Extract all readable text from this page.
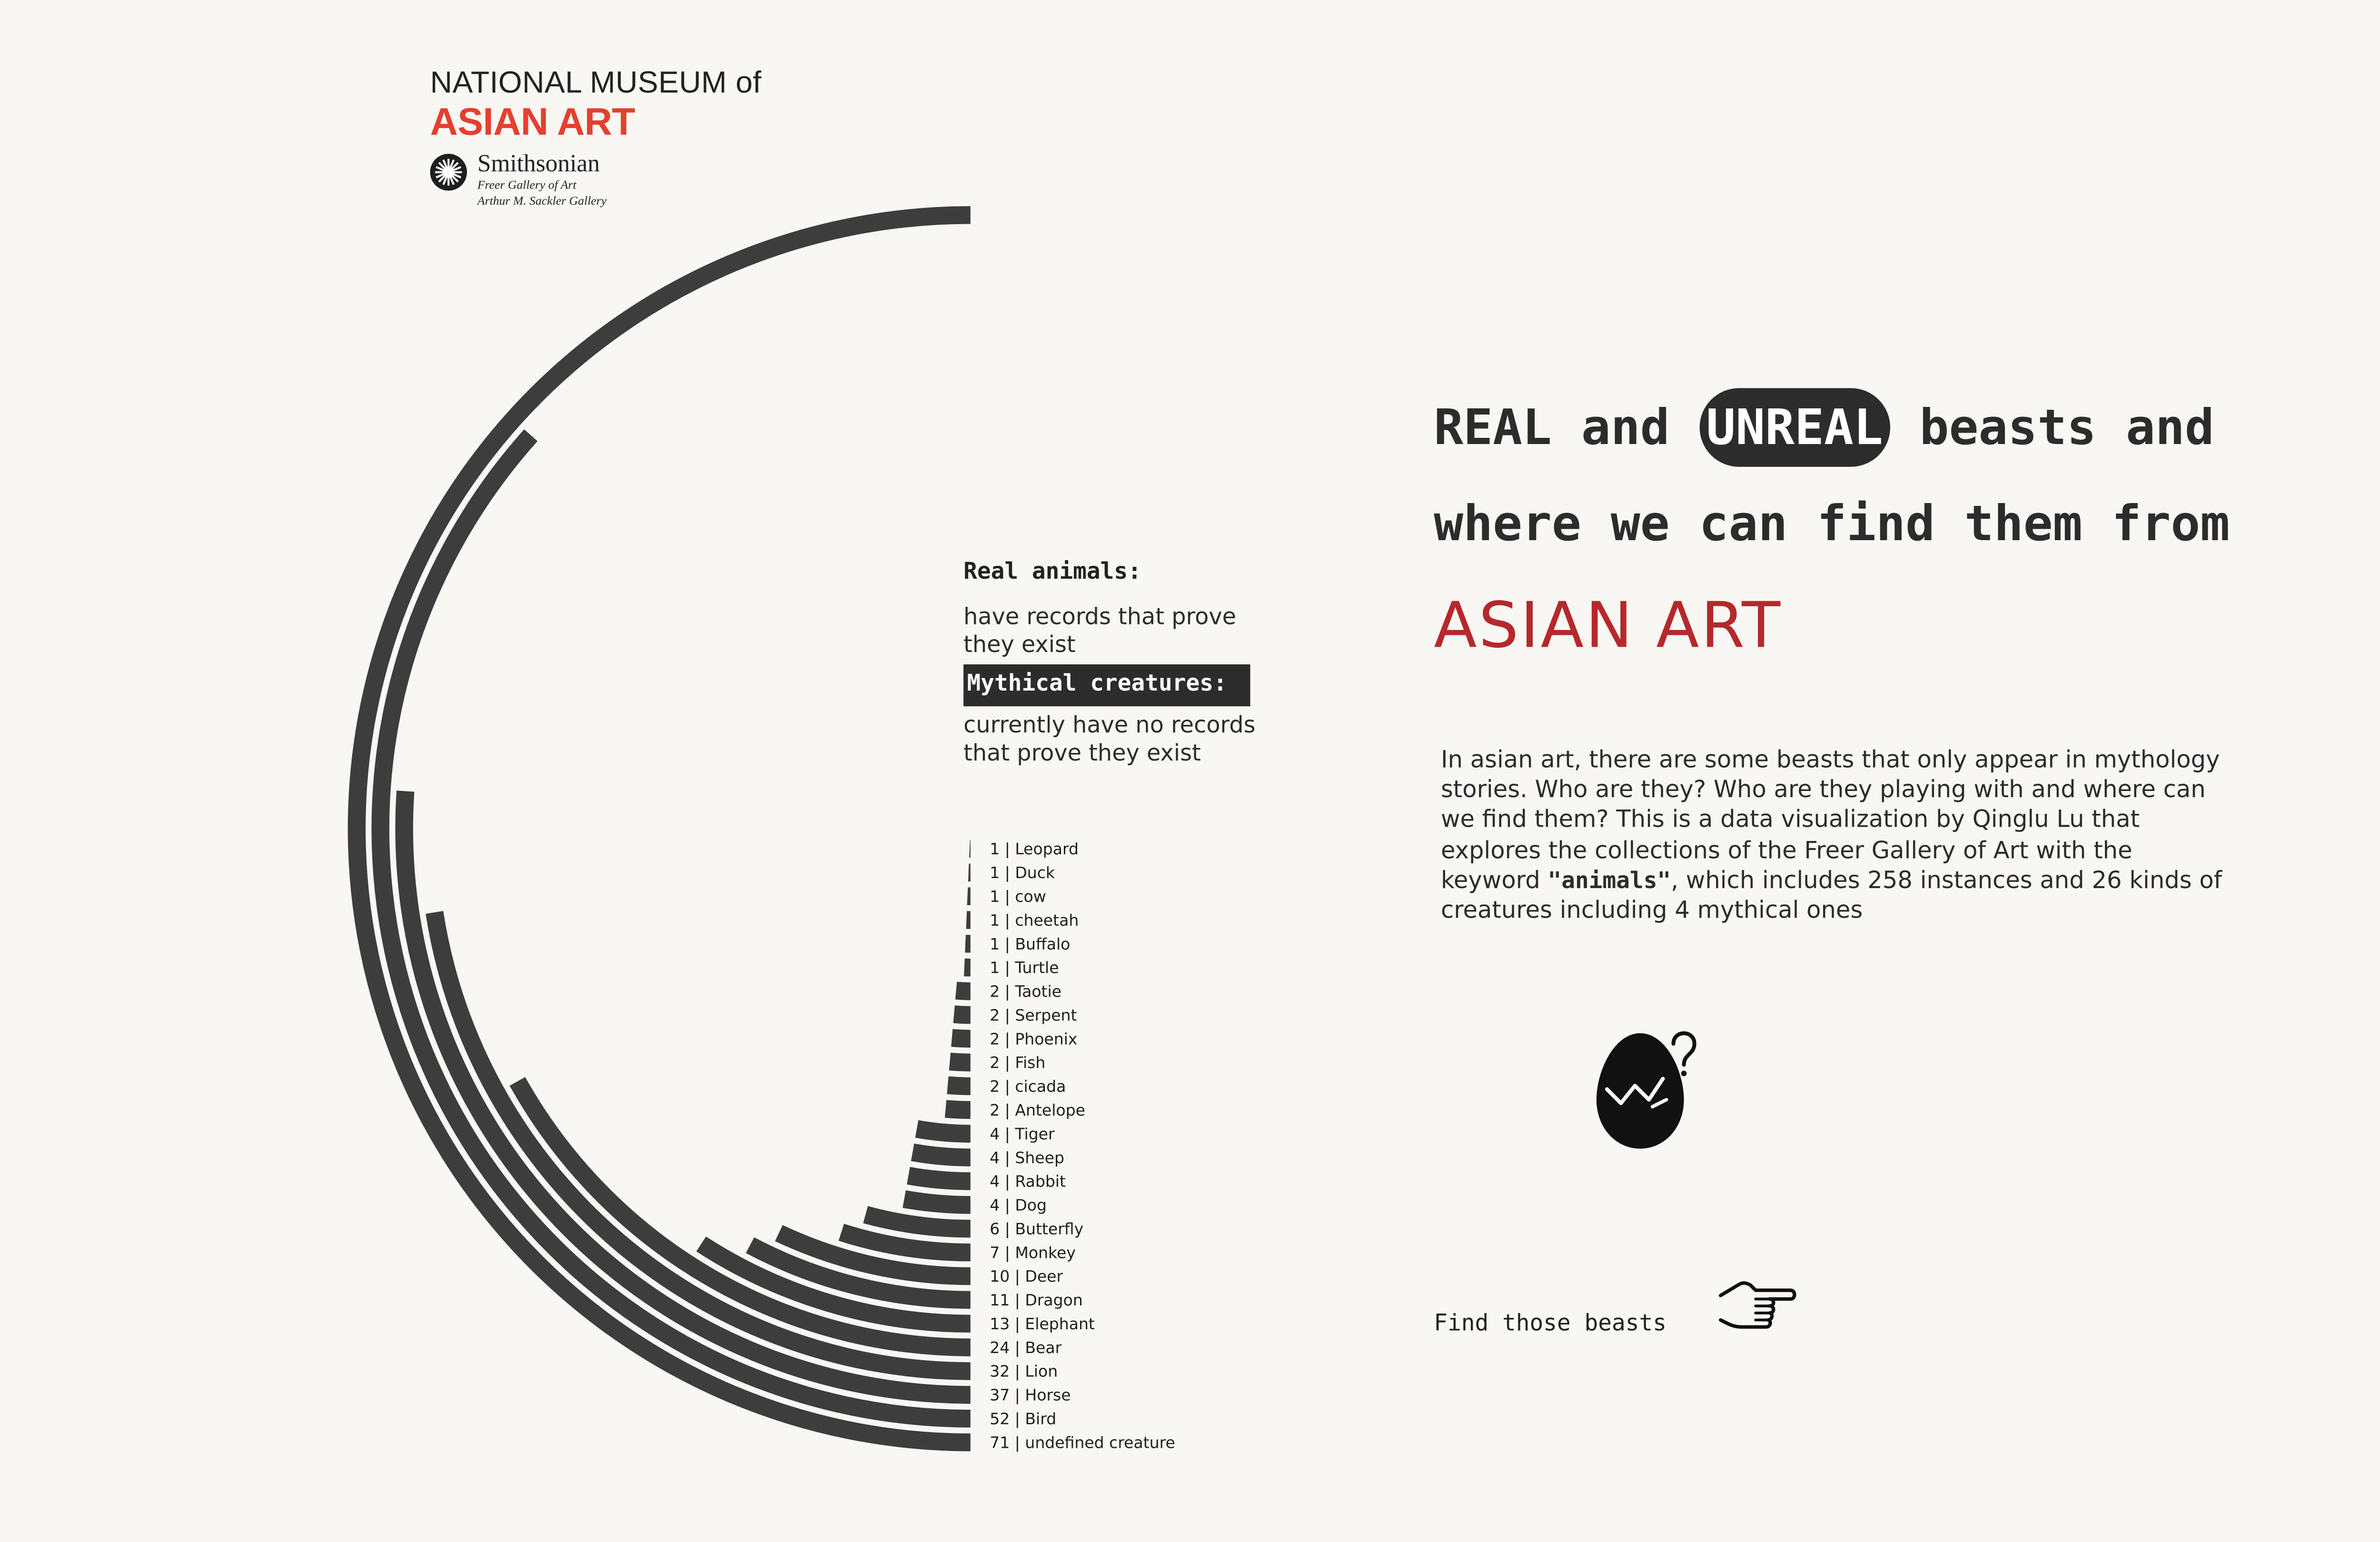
NATIONAL MUSEUM of
ASIAN ART
Smithsonian
Freer Gallery of Art
Arthur M. Sackler Gallery
1 | Leopard
1 | Duck
1 | cow
1 | cheetah
1 | Buffalo
1 | Turtle
2 | Taotie
2 | Serpent
2 | Phoenix
2 | Fish
2 | cicada
2 | Antelope
4 | Tiger
4 | Sheep
4 | Rabbit
4 | Dog
6 | Butterfly
7 | Monkey
10 | Deer
11 | Dragon
13 | Elephant
24 | Bear
32 | Lion
37 | Horse
52 | Bird
71 | undefined creature
Real animals:
have records that prove they exist
Mythical creatures:
currently have no records that prove they exist
REAL and	UNREAL	beasts and
where we can find them from
ASIAN ART
In asian art, there are some beasts that only appear in mythology stories. Who are they? Who are they playing with and where can we find them? This is a data visualization by Qinglu Lu that explores the collections of the Freer Gallery of Art with the keyword "animals", which includes 258 instances and 26 kinds of creatures including 4 mythical ones
Find those beasts
